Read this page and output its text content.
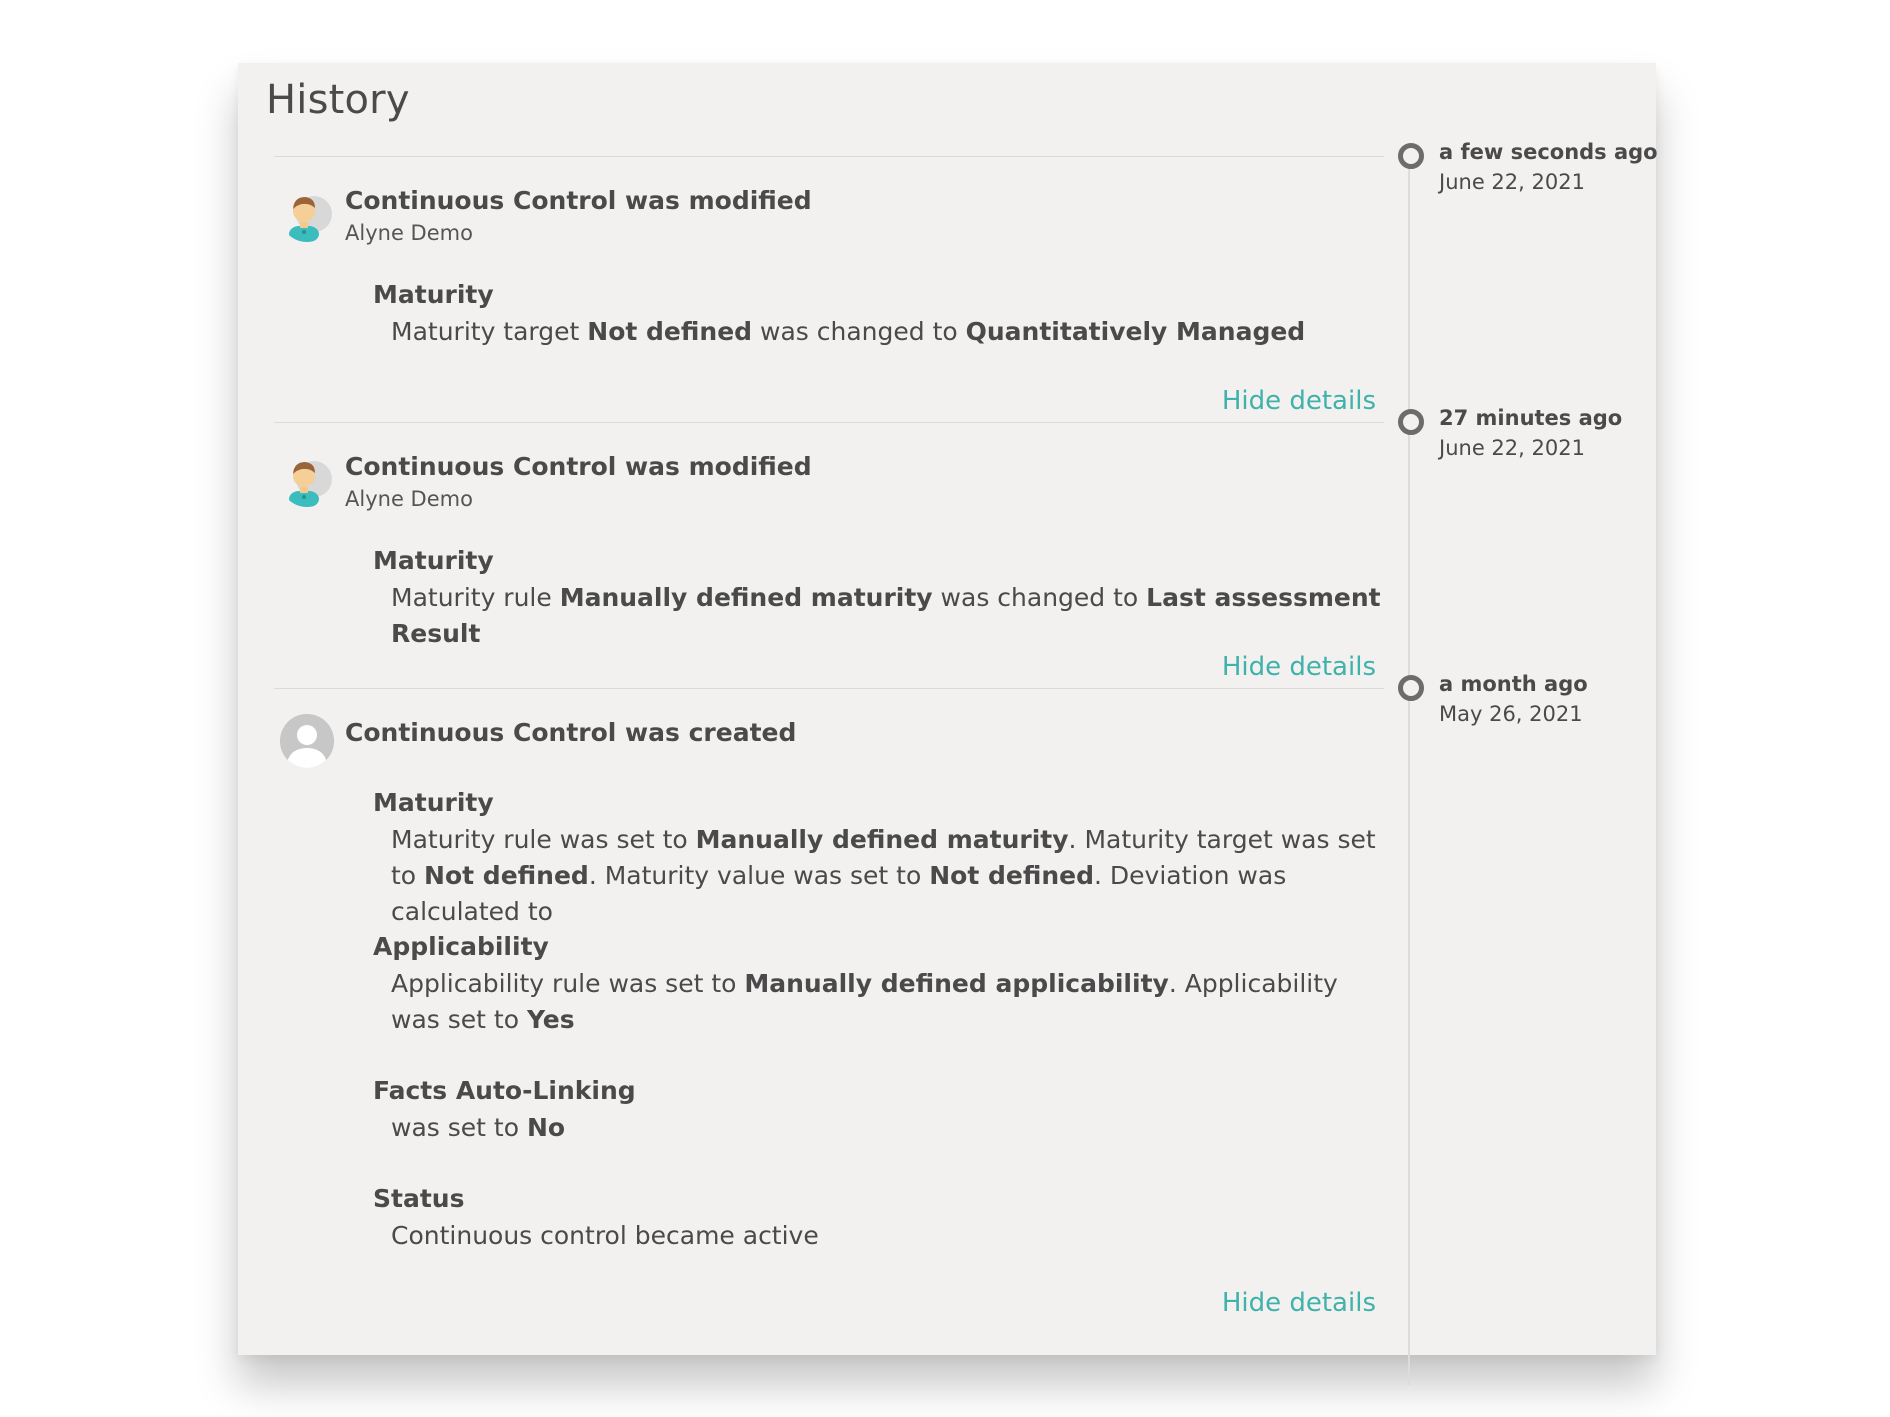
History
Continuous Control was modified
Alyne Demo
Maturity
Maturity target Not defined was changed to Quantitatively Managed
Hide details
Continuous Control was modified
Alyne Demo
Maturity
Maturity rule Manually defined maturity was changed to Last assessment Result
Hide details
Continuous Control was created
Maturity
Maturity rule was set to Manually defined maturity. Maturity target was set to Not defined. Maturity value was set to Not defined. Deviation was calculated to
Applicability
Applicability rule was set to Manually defined applicability. Applicability was set to Yes
Facts Auto-Linking
was set to No
Status
Continuous control became active
Hide details
a few seconds ago
June 22, 2021
27 minutes ago
June 22, 2021
a month ago
May 26, 2021
